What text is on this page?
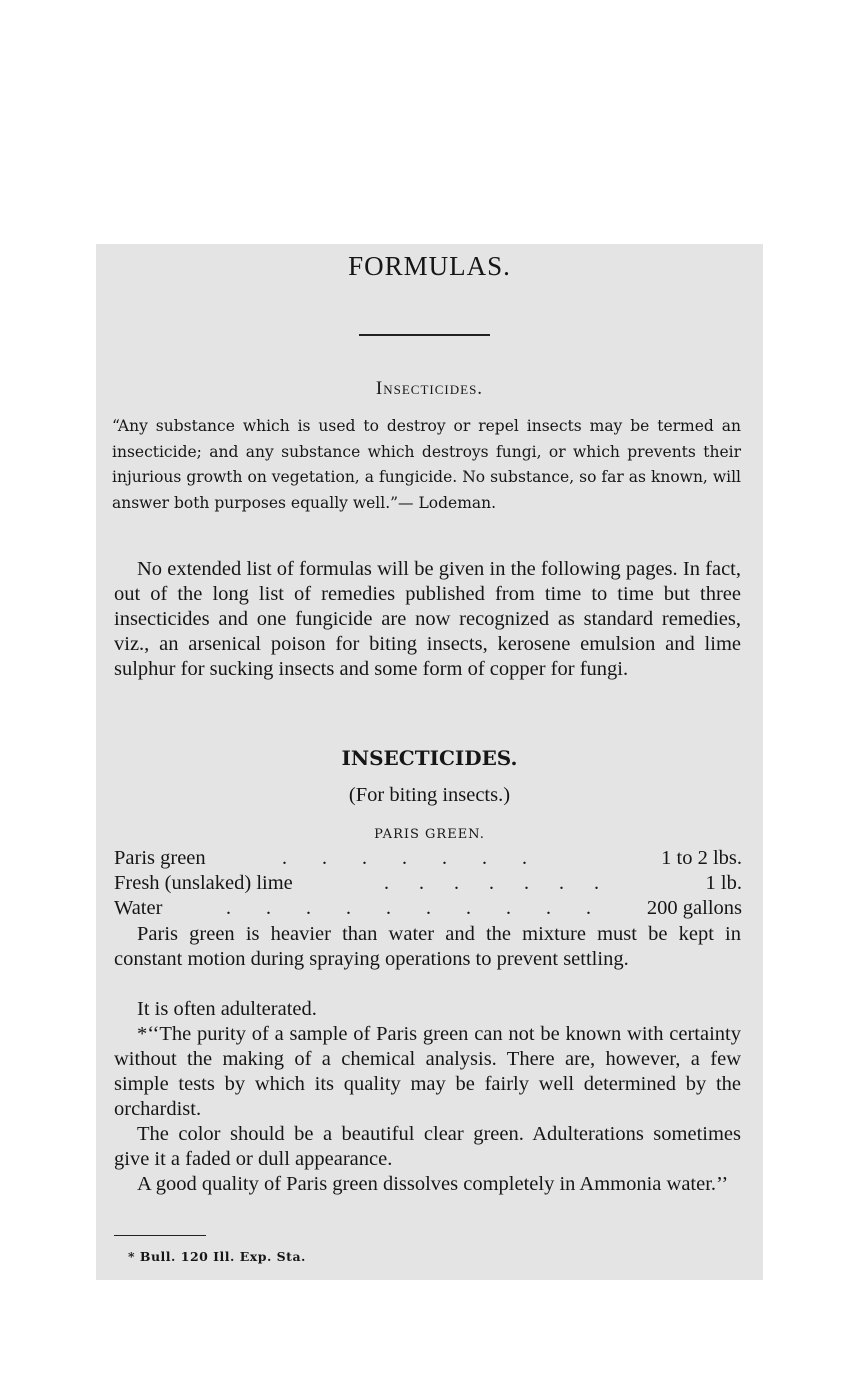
FORMULAS.
Insecticides.

“Any substance which is used to destroy or repel insects may be termed an insecticide; and any substance which destroys fungi, or which prevents their injurious growth on vegetation, a fungicide. No substance, so far as known, will answer both purposes equally well.”— Lodeman.

No extended list of formulas will be given in the following pages. In fact, out of the long list of remedies published from time to time but three insecticides and one fungicide are now recognized as standard remedies, viz., an arsenical poison for biting insects, kerosene emulsion and lime sulphur for sucking insects and some form of copper for fungi.

INSECTICIDES.
(For biting insects.)
PARIS GREEN.
Paris green	.       .       .       .       .       .       .	1 to 2 lbs.
Fresh (unslaked) lime	.      .      .      .      .      .      .	1 lb.
Water	.       .       .       .       .       .       .       .       .       .	200 gallons

Paris green is heavier than water and the mixture must be kept in constant motion during spraying operations to prevent settling.

It is often adulterated.

*‘‘The purity of a sample of Paris green can not be known with certainty without the making of a chemical analysis. There are, however, a few simple tests by which its quality may be fairly well determined by the orchardist.

The color should be a beautiful clear green. Adulterations sometimes give it a faded or dull appearance.

A good quality of Paris green dissolves completely in Ammonia water.’’

* Bull. 120 Ill. Exp. Sta.
